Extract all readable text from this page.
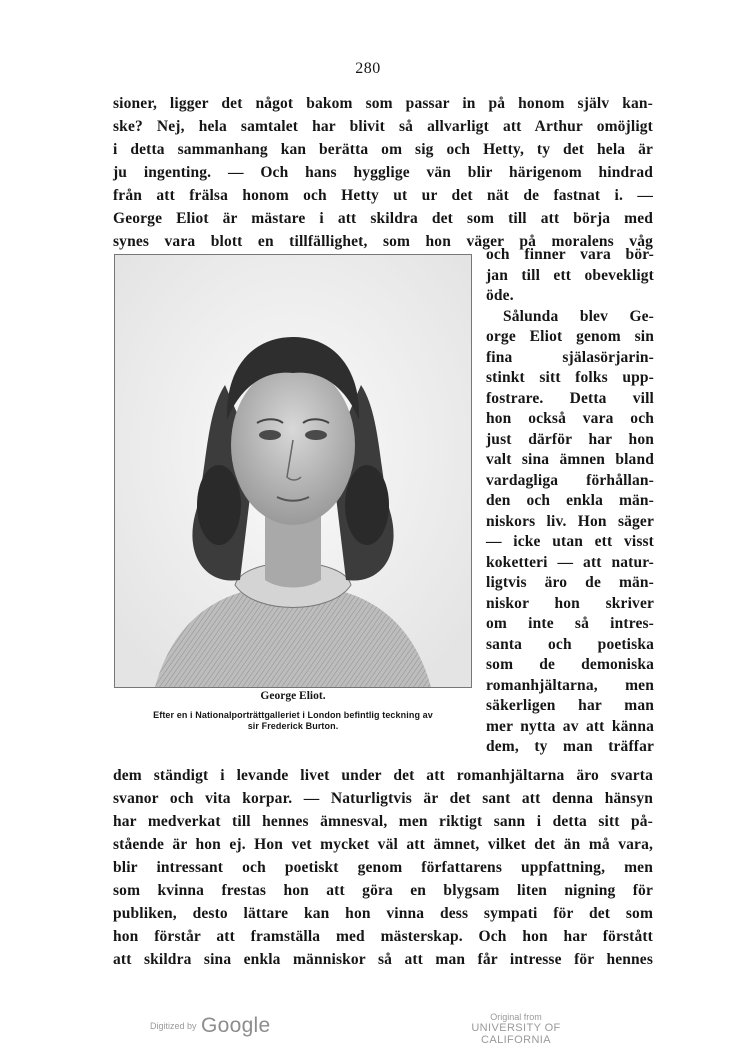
280
sioner, ligger det något bakom som passar in på honom själv kan-
ske? Nej, hela samtalet har blivit så allvarligt att Arthur omöjligt
i detta sammanhang kan berätta om sig och Hetty, ty det hela är
ju ingenting. — Och hans hygglige vän blir härigenom hindrad
från att frälsa honom och Hetty ut ur det nät de fastnat i. —
George Eliot är mästare i att skildra det som till att börja med
synes vara blott en tillfällighet, som hon väger på moralens våg
George Eliot.
Efter en i Nationalporträttgalleriet i London befintlig teckning av
sir Frederick Burton.
och finner vara bör-
jan till ett obevekligt
öde.
Sålunda blev Ge-
orge Eliot genom sin
fina själasörjarin-
stinkt sitt folks upp-
fostrare. Detta vill
hon också vara och
just därför har hon
valt sina ämnen bland
vardagliga förhållan-
den och enkla män-
niskors liv. Hon säger
— icke utan ett visst
koketteri — att natur-
ligtvis äro de män-
niskor hon skriver
om inte så intres-
santa och poetiska
som de demoniska
romanhjältarna, men
säkerligen har man
mer nytta av att känna
dem, ty man träffar
dem ständigt i levande livet under det att romanhjältarna äro svarta
svanor och vita korpar. — Naturligtvis är det sant att denna hänsyn
har medverkat till hennes ämnesval, men riktigt sann i detta sitt på-
stående är hon ej. Hon vet mycket väl att ämnet, vilket det än må vara,
blir intressant och poetiskt genom författarens uppfattning, men
som kvinna frestas hon att göra en blygsam liten nigning för
Digitized by Google	Original from
UNIVERSITY OF CALIFORNIA
publiken, desto lättare kan hon vinna dess sympati för det som
hon förstår att framställa med mästerskap. Och hon har förstått
att skildra sina enkla människor så att man får intresse för hennes
